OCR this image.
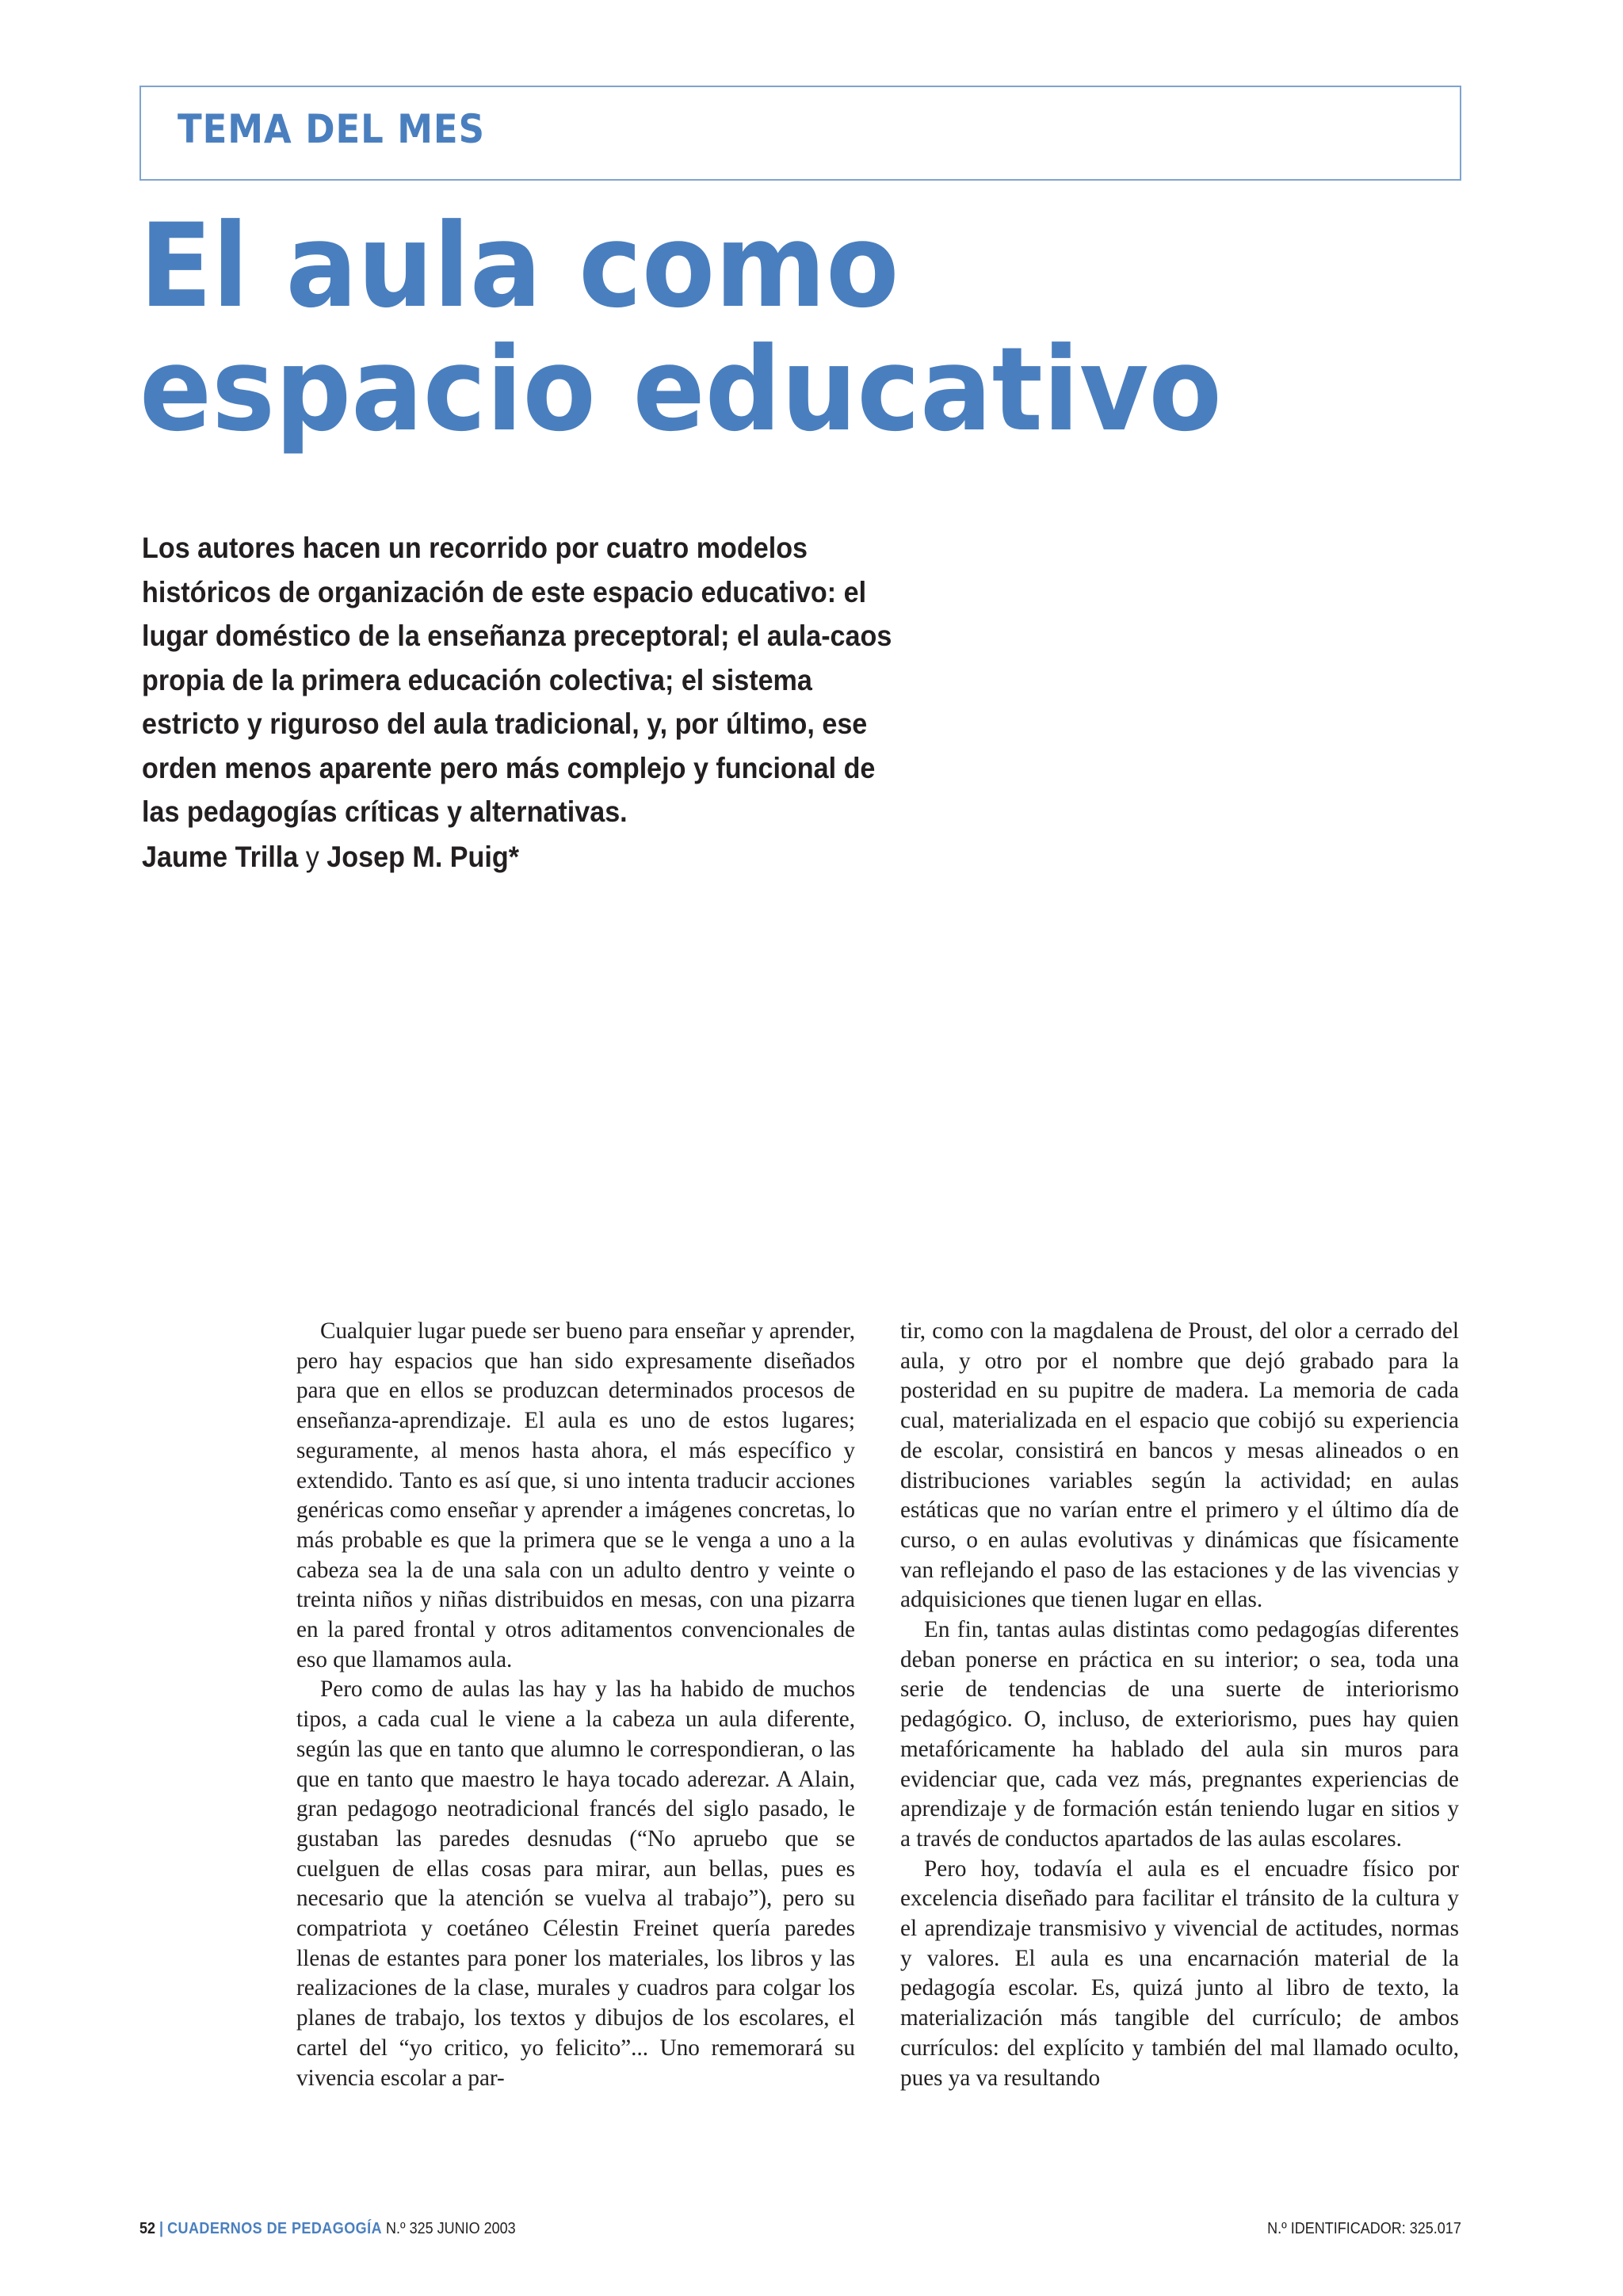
TEMA DEL MES
El aula como espacio educativo

Los autores hacen un recorrido por cuatro modelos históricos de organización de este espacio educativo: el lugar doméstico de la enseñanza preceptoral; el aula-caos propia de la primera educación colectiva; el sistema estricto y riguroso del aula tradicional, y, por último, ese orden menos aparente pero más complejo y funcional de las pedagogías críticas y alternativas.

Jaume Trilla y Josep M. Puig*

Cualquier lugar puede ser bueno para enseñar y aprender, pero hay espacios que han sido expresamente diseñados para que en ellos se produzcan determinados procesos de enseñanza-aprendizaje. El aula es uno de estos lugares; seguramente, al menos hasta ahora, el más específico y extendido. Tanto es así que, si uno intenta traducir acciones genéricas como enseñar y aprender a imágenes concretas, lo más probable es que la primera que se le venga a uno a la cabeza sea la de una sala con un adulto dentro y veinte o treinta niños y niñas distribuidos en mesas, con una pizarra en la pared frontal y otros aditamentos convencionales de eso que llamamos aula.

Pero como de aulas las hay y las ha habido de muchos tipos, a cada cual le viene a la cabeza un aula diferente, según las que en tanto que alumno le correspondieran, o las que en tanto que maestro le haya tocado aderezar. A Alain, gran pedagogo neotradicional francés del siglo pasado, le gustaban las paredes desnudas (“No apruebo que se cuelguen de ellas cosas para mirar, aun bellas, pues es necesario que la atención se vuelva al trabajo”), pero su compatriota y coetáneo Célestin Freinet quería paredes llenas de estantes para poner los materiales, los libros y las realizaciones de la clase, murales y cuadros para colgar los planes de trabajo, los textos y dibujos de los escolares, el cartel del “yo critico, yo felicito”... Uno rememorará su vivencia escolar a par-

tir, como con la magdalena de Proust, del olor a cerrado del aula, y otro por el nombre que dejó grabado para la posteridad en su pupitre de madera. La memoria de cada cual, materializada en el espacio que cobijó su experiencia de escolar, consistirá en bancos y mesas alineados o en distribuciones variables según la actividad; en aulas estáticas que no varían entre el primero y el último día de curso, o en aulas evolutivas y dinámicas que físicamente van reflejando el paso de las estaciones y de las vivencias y adquisiciones que tienen lugar en ellas.

En fin, tantas aulas distintas como pedagogías diferentes deban ponerse en práctica en su interior; o sea, toda una serie de tendencias de una suerte de interiorismo pedagógico. O, incluso, de exteriorismo, pues hay quien metafóricamente ha hablado del aula sin muros para evidenciar que, cada vez más, pregnantes experiencias de aprendizaje y de formación están teniendo lugar en sitios y a través de conductos apartados de las aulas escolares.

Pero hoy, todavía el aula es el encuadre físico por excelencia diseñado para facilitar el tránsito de la cultura y el aprendizaje transmisivo y vivencial de actitudes, normas y valores. El aula es una encarnación material de la pedagogía escolar. Es, quizá junto al libro de texto, la materialización más tangible del currículo; de ambos currículos: del explícito y también del mal llamado oculto, pues ya va resultando

52 | CUADERNOS DE PEDAGOGÍA N.º 325 JUNIO 2003	N.º IDENTIFICADOR: 325.017
